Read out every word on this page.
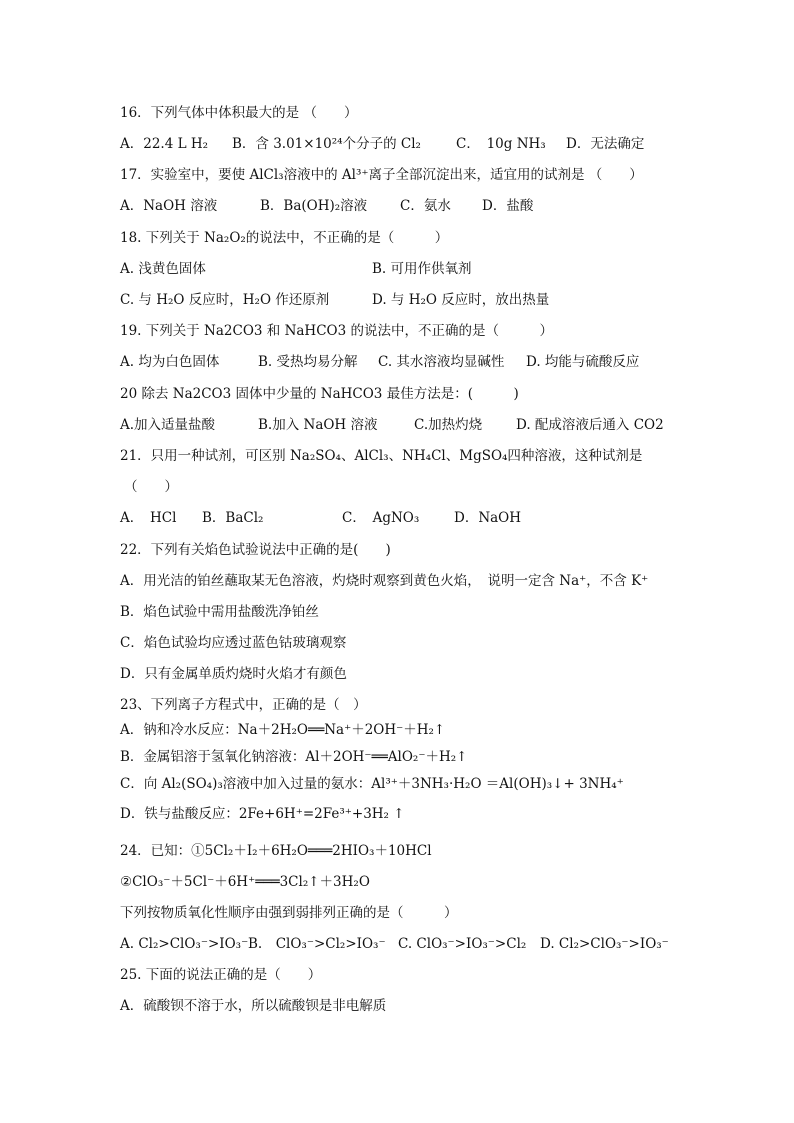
16．下列气体中体积最大的是 （　　）
A．22.4 L H₂ B．含 3.01×10²⁴个分子的 Cl₂	C．　10g NH₃ D．无法确定
17．实验室中，要使 AlCl₃溶液中的 Al³⁺离子全部沉淀出来，适宜用的试剂是 （　　）
A．NaOH 溶液	B．Ba(OH)₂溶液 C．氨水 D．盐酸
18. 下列关于 Na₂O₂的说法中，不正确的是（　　　）
A. 浅黄色固体	B. 可用作供氧剂
C. 与 H₂O 反应时，H₂O 作还原剂	D. 与 H₂O 反应时，放出热量
19. 下列关于 Na2CO3 和 NaHCO3 的说法中，不正确的是（　　　）
A. 均为白色固体	B. 受热均易分解 C. 其水溶液均显碱性 D. 均能与硫酸反应
20 除去 Na2CO3 固体中少量的 NaHCO3 最佳方法是：(　　　)
A.加入适量盐酸	B.加入 NaOH 溶液	C.加热灼烧	D. 配成溶液后通入 CO2
21．只用一种试剂，可区别 Na₂SO₄、AlCl₃、NH₄Cl、MgSO₄四种溶液，这种试剂是
（　　）
A．　HCl B．BaCl₂	C．　AgNO₃	D．NaOH
22．下列有关焰色试验说法中正确的是(　　)
A．用光洁的铂丝蘸取某无色溶液，灼烧时观察到黄色火焰，　说明一定含 Na⁺，不含 K⁺
B．焰色试验中需用盐酸洗净铂丝
C．焰色试验均应透过蓝色钴玻璃观察
D．只有金属单质灼烧时火焰才有颜色
23、下列离子方程式中，正确的是（　）
A．钠和冷水反应：Na＋2H₂O══Na⁺＋2OH⁻＋H₂↑
B．金属铝溶于氢氧化钠溶液：Al＋2OH⁻══AlO₂⁻＋H₂↑
C．向 Al₂(SO₄)₃溶液中加入过量的氨水：Al³⁺＋3NH₃·H₂O ＝Al(OH)₃↓+ 3NH₄⁺
D．铁与盐酸反应：2Fe+6H⁺=2Fe³⁺+3H₂ ↑
24．已知：①5Cl₂＋I₂＋6H₂O═══2HIO₃＋10HCl
②ClO₃⁻＋5Cl⁻＋6H⁺═══3Cl₂↑＋3H₂O
下列按物质氧化性顺序由强到弱排列正确的是（　　　）
A. Cl₂>ClO₃⁻>IO₃⁻ B.　ClO₃⁻>Cl₂>IO₃⁻ C. ClO₃⁻>IO₃⁻>Cl₂ D. Cl₂>ClO₃⁻>IO₃⁻
25. 下面的说法正确的是（　　）
A．硫酸钡不溶于水，所以硫酸钡是非电解质
